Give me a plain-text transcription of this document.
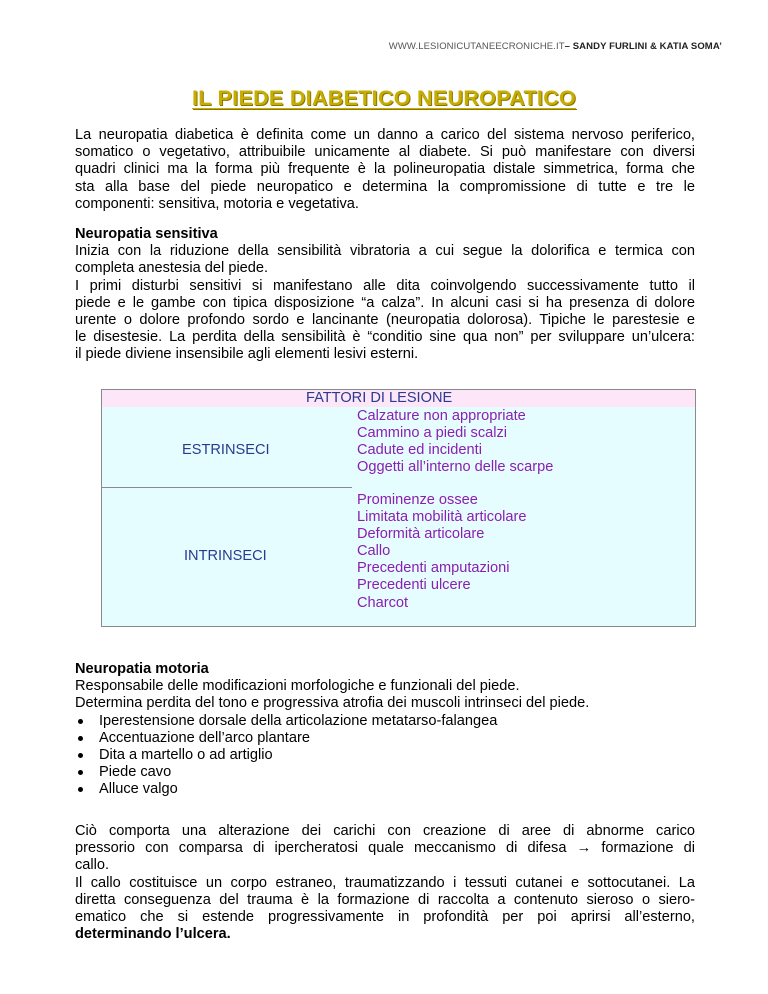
WWW.LESIONICUTANEECRONICHE.IT– SANDY FURLINI & KATIA SOMA’
IL PIEDE DIABETICO NEUROPATICO
La neuropatia diabetica è definita come un danno a carico del sistema nervoso periferico,
somatico o vegetativo, attribuibile unicamente al diabete. Si può manifestare con diversi
quadri clinici ma la forma più frequente è la polineuropatia distale simmetrica, forma che
sta alla base del piede neuropatico e determina la compromissione di tutte e tre le
componenti: sensitiva, motoria e vegetativa.
Neuropatia sensitiva
Inizia con la riduzione della sensibilità vibratoria a cui segue la dolorifica e termica con
completa anestesia del piede.
I primi disturbi sensitivi si manifestano alle dita coinvolgendo successivamente tutto il
piede e le gambe con tipica disposizione “a calza”. In alcuni casi si ha presenza di dolore
urente o dolore profondo sordo e lancinante (neuropatia dolorosa). Tipiche le parestesie e
le disestesie. La perdita della sensibilità è “conditio sine qua non” per sviluppare un’ulcera:
il piede diviene insensibile agli elementi lesivi esterni.
FATTORI DI LESIONE
ESTRINSECI
Calzature non appropriate
Cammino a piedi scalzi
Cadute ed incidenti
Oggetti all’interno delle scarpe
INTRINSECI
Prominenze ossee
Limitata mobilità articolare
Deformità articolare
Callo
Precedenti amputazioni
Precedenti ulcere
Charcot
Neuropatia motoria
Responsabile delle modificazioni morfologiche e funzionali del piede.
Determina perdita del tono e progressiva atrofia dei muscoli intrinseci del piede.
Iperestensione dorsale della articolazione metatarso-falangea
Accentuazione dell’arco plantare
Dita a martello o ad artiglio
Piede cavo
Alluce valgo
Ciò comporta una alterazione dei carichi con creazione di aree di abnorme carico
pressorio con comparsa di ipercheratosi quale meccanismo di difesa → formazione di
callo.
Il callo costituisce un corpo estraneo, traumatizzando i tessuti cutanei e sottocutanei. La
diretta conseguenza del trauma è la formazione di raccolta a contenuto sieroso o siero-
ematico che si estende progressivamente in profondità per poi aprirsi all’esterno,
determinando l’ulcera.
